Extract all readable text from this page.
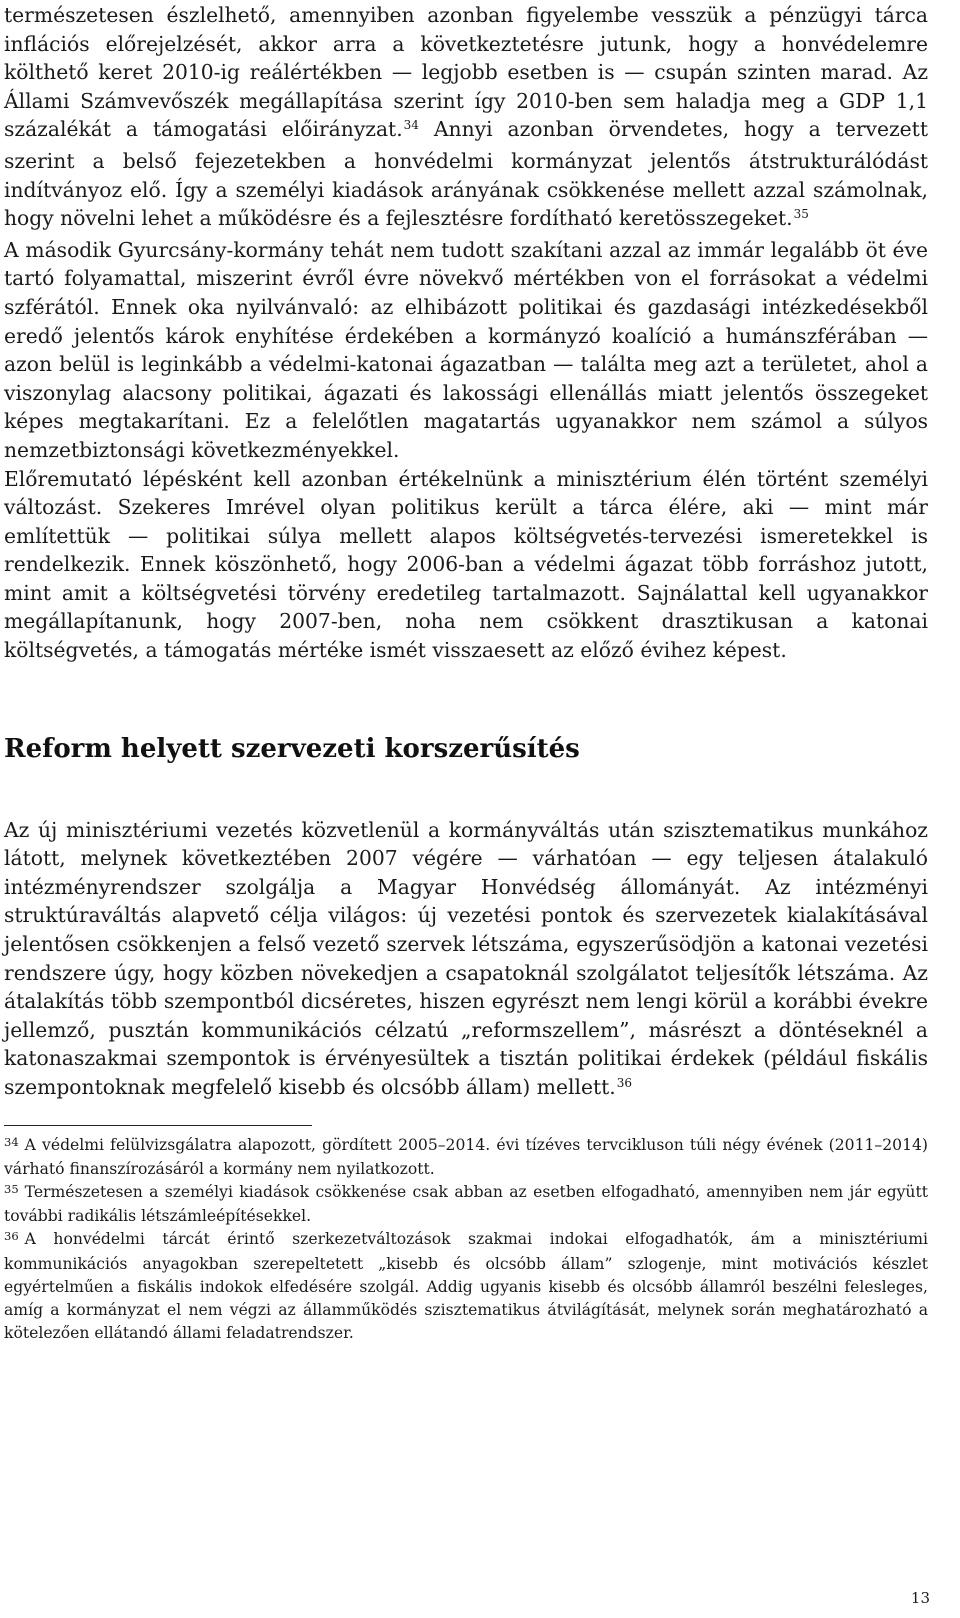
természetesen észlelhető, amennyiben azonban figyelembe vesszük a pénzügyi tárca inflációs előrejelzését, akkor arra a következtetésre jutunk, hogy a honvédelemre költhető keret 2010-ig reálértékben — legjobb esetben is — csupán szinten marad. Az Állami Számvevőszék megállapítása szerint így 2010-ben sem haladja meg a GDP 1,1 százalékát a támogatási előirányzat.$^{34}$ Annyi azonban örvendetes, hogy a tervezett szerint a belső fejezetekben a honvédelmi kormányzat jelentős átstrukturálódást indítványoz elő. Így a személyi kiadások arányának csökkenése mellett azzal számolnak, hogy növelni lehet a működésre és a fejlesztésre fordítható keretösszegeket.$^{35}$

A második Gyurcsány-kormány tehát nem tudott szakítani azzal az immár legalább öt éve tartó folyamattal, miszerint évről évre növekvő mértékben von el forrásokat a védelmi szférától. Ennek oka nyilvánvaló: az elhibázott politikai és gazdasági intézkedésekből eredő jelentős károk enyhítése érdekében a kormányzó koalíció a humánszférában — azon belül is leginkább a védelmi-katonai ágazatban — találta meg azt a területet, ahol a viszonylag alacsony politikai, ágazati és lakossági ellenállás miatt jelentős összegeket képes megtakarítani. Ez a felelőtlen magatartás ugyanakkor nem számol a súlyos nemzetbiztonsági következményekkel.

Előremutató lépésként kell azonban értékelnünk a minisztérium élén történt személyi változást. Szekeres Imrével olyan politikus került a tárca élére, aki — mint már említettük — politikai súlya mellett alapos költségvetés-tervezési ismeretekkel is rendelkezik. Ennek köszönhető, hogy 2006-ban a védelmi ágazat több forráshoz jutott, mint amit a költségvetési törvény eredetileg tartalmazott. Sajnálattal kell ugyanakkor megállapítanunk, hogy 2007-ben, noha nem csökkent drasztikusan a katonai költségvetés, a támogatás mértéke ismét visszaesett az előző évihez képest.

Reform helyett szervezeti korszerűsítés

Az új minisztériumi vezetés közvetlenül a kormányváltás után szisztematikus munkához látott, melynek következtében 2007 végére — várhatóan — egy teljesen átalakuló intézményrendszer szolgálja a Magyar Honvédség állományát. Az intézményi struktúraváltás alapvető célja világos: új vezetési pontok és szervezetek kialakításával jelentősen csökkenjen a felső vezető szervek létszáma, egyszerűsödjön a katonai vezetési rendszere úgy, hogy közben növekedjen a csapatoknál szolgálatot teljesítők létszáma. Az átalakítás több szempontból dicséretes, hiszen egyrészt nem lengi körül a korábbi évekre jellemző, pusztán kommunikációs célzatú „reformszellem”, másrészt a döntéseknél a katonaszakmai szempontok is érvényesültek a tisztán politikai érdekek (például fiskális szempontoknak megfelelő kisebb és olcsóbb állam) mellett.$^{36}$

$^{34}$ A védelmi felülvizsgálatra alapozott, gördített 2005–2014. évi tízéves tervcikluson túli négy évének (2011–2014) várható finanszírozásáról a kormány nem nyilatkozott.

$^{35}$ Természetesen a személyi kiadások csökkenése csak abban az esetben elfogadható, amennyiben nem jár együtt további radikális létszámleépítésekkel.

$^{36}$ A honvédelmi tárcát érintő szerkezetváltozások szakmai indokai elfogadhatók, ám a minisztériumi kommunikációs anyagokban szerepeltetett „kisebb és olcsóbb állam” szlogenje, mint motivációs készlet egyértelműen a fiskális indokok elfedésére szolgál. Addig ugyanis kisebb és olcsóbb államról beszélni felesleges, amíg a kormányzat el nem végzi az államműködés szisztematikus átvilágítását, melynek során meghatározható a kötelezően ellátandó állami feladatrendszer.

13
